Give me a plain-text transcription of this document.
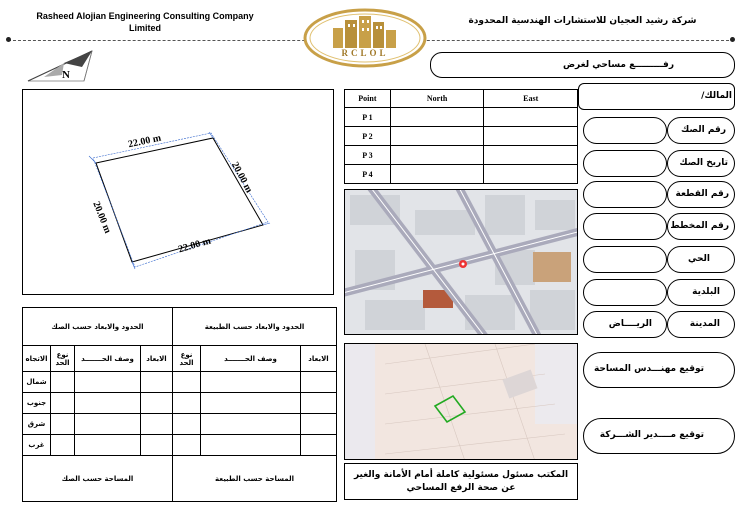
Rasheed Alojian Engineering Consulting Company
Limited
شركة رشيد العجيان للاستشارات الهندسية المحدودة
RCLOL
رفـــــــــع مساحي لغرض
N
22.00 m
22.00 m
20.00 m
20.00 m
Point	North	East
P 1		
P 2		
P 3		
P 4		
المكتب مسئول مسئولية كاملة أمام الأمانة والغير عن صحة الرفع المساحي
المالك/
رقم الصك
تاريخ الصك
رقم القطعة
رقم المخطط
الحي
البلدية
الريــــاض	المدينة
توقيع مهنـــدس المساحة
توقيع مــــدير الشـــركة
الحدود والابعاد حسب الصك				الحدود والابعاد حسب الطبيعة		
الاتجاه	نوع الحد	وصف الحـــــــد	الابعاد	نوع الحد	وصف الحـــــــد	الابعاد
شمال						
جنوب						
شرق						
غرب						
المساحة حسب الصك				المساحة حسب الطبيعة		
